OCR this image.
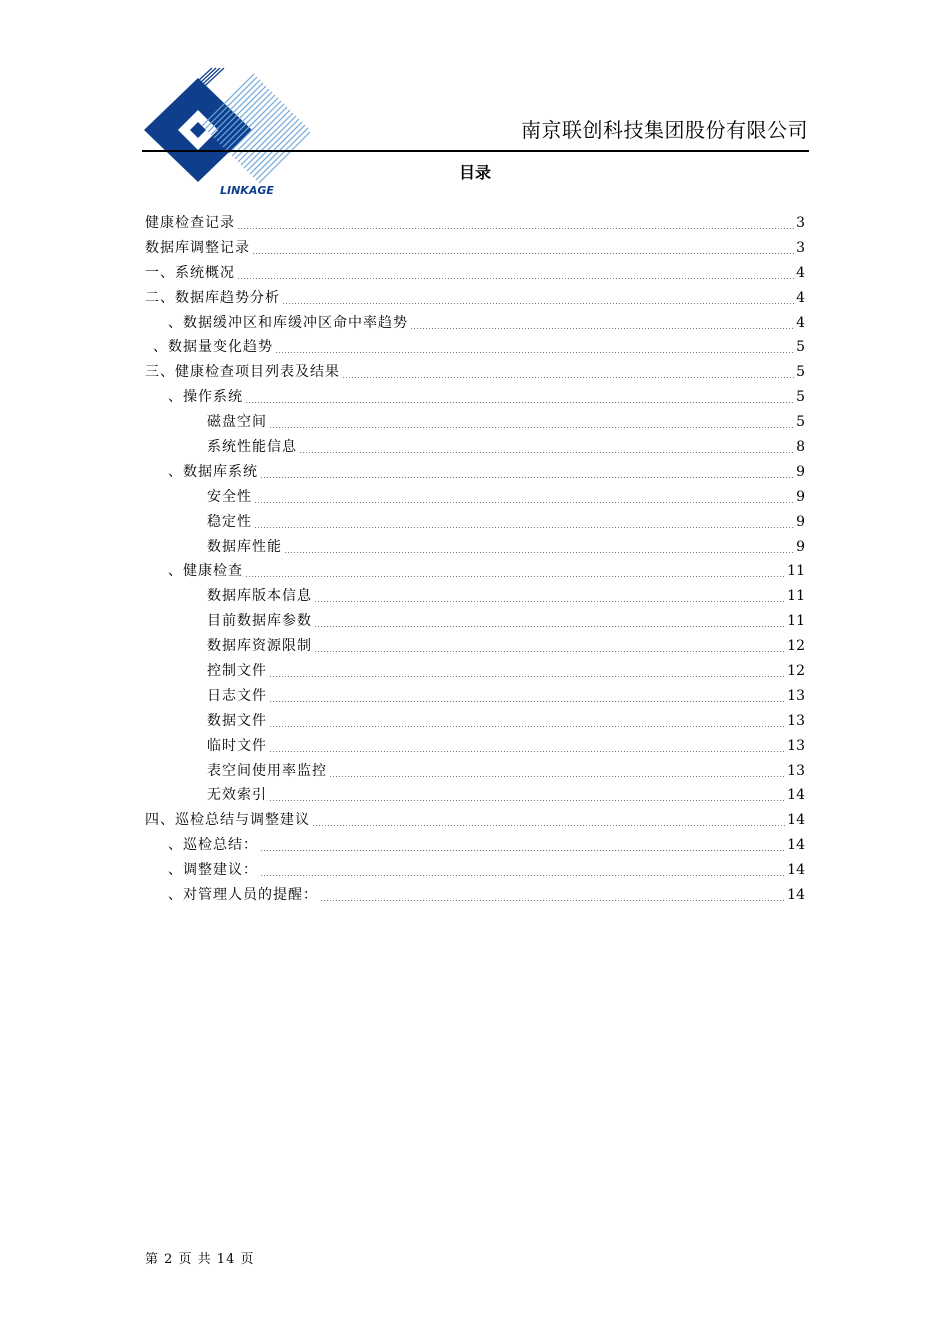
LINKAGE
南京联创科技集团股份有限公司
目录
健康检查记录	3
数据库调整记录	3
一、系统概况	4
二、数据库趋势分析	4
、数据缓冲区和库缓冲区命中率趋势	4
、数据量变化趋势	5
三、健康检查项目列表及结果	5
、操作系统	5
磁盘空间	5
系统性能信息	8
、数据库系统	9
安全性	9
稳定性	9
数据库性能	9
、健康检查	11
数据库版本信息	11
目前数据库参数	11
数据库资源限制	12
控制文件	12
日志文件	13
数据文件	13
临时文件	13
表空间使用率监控	13
无效索引	14
四、巡检总结与调整建议	14
、巡检总结：	14
、调整建议：	14
、对管理人员的提醒：	14
第 2 页 共 14 页
